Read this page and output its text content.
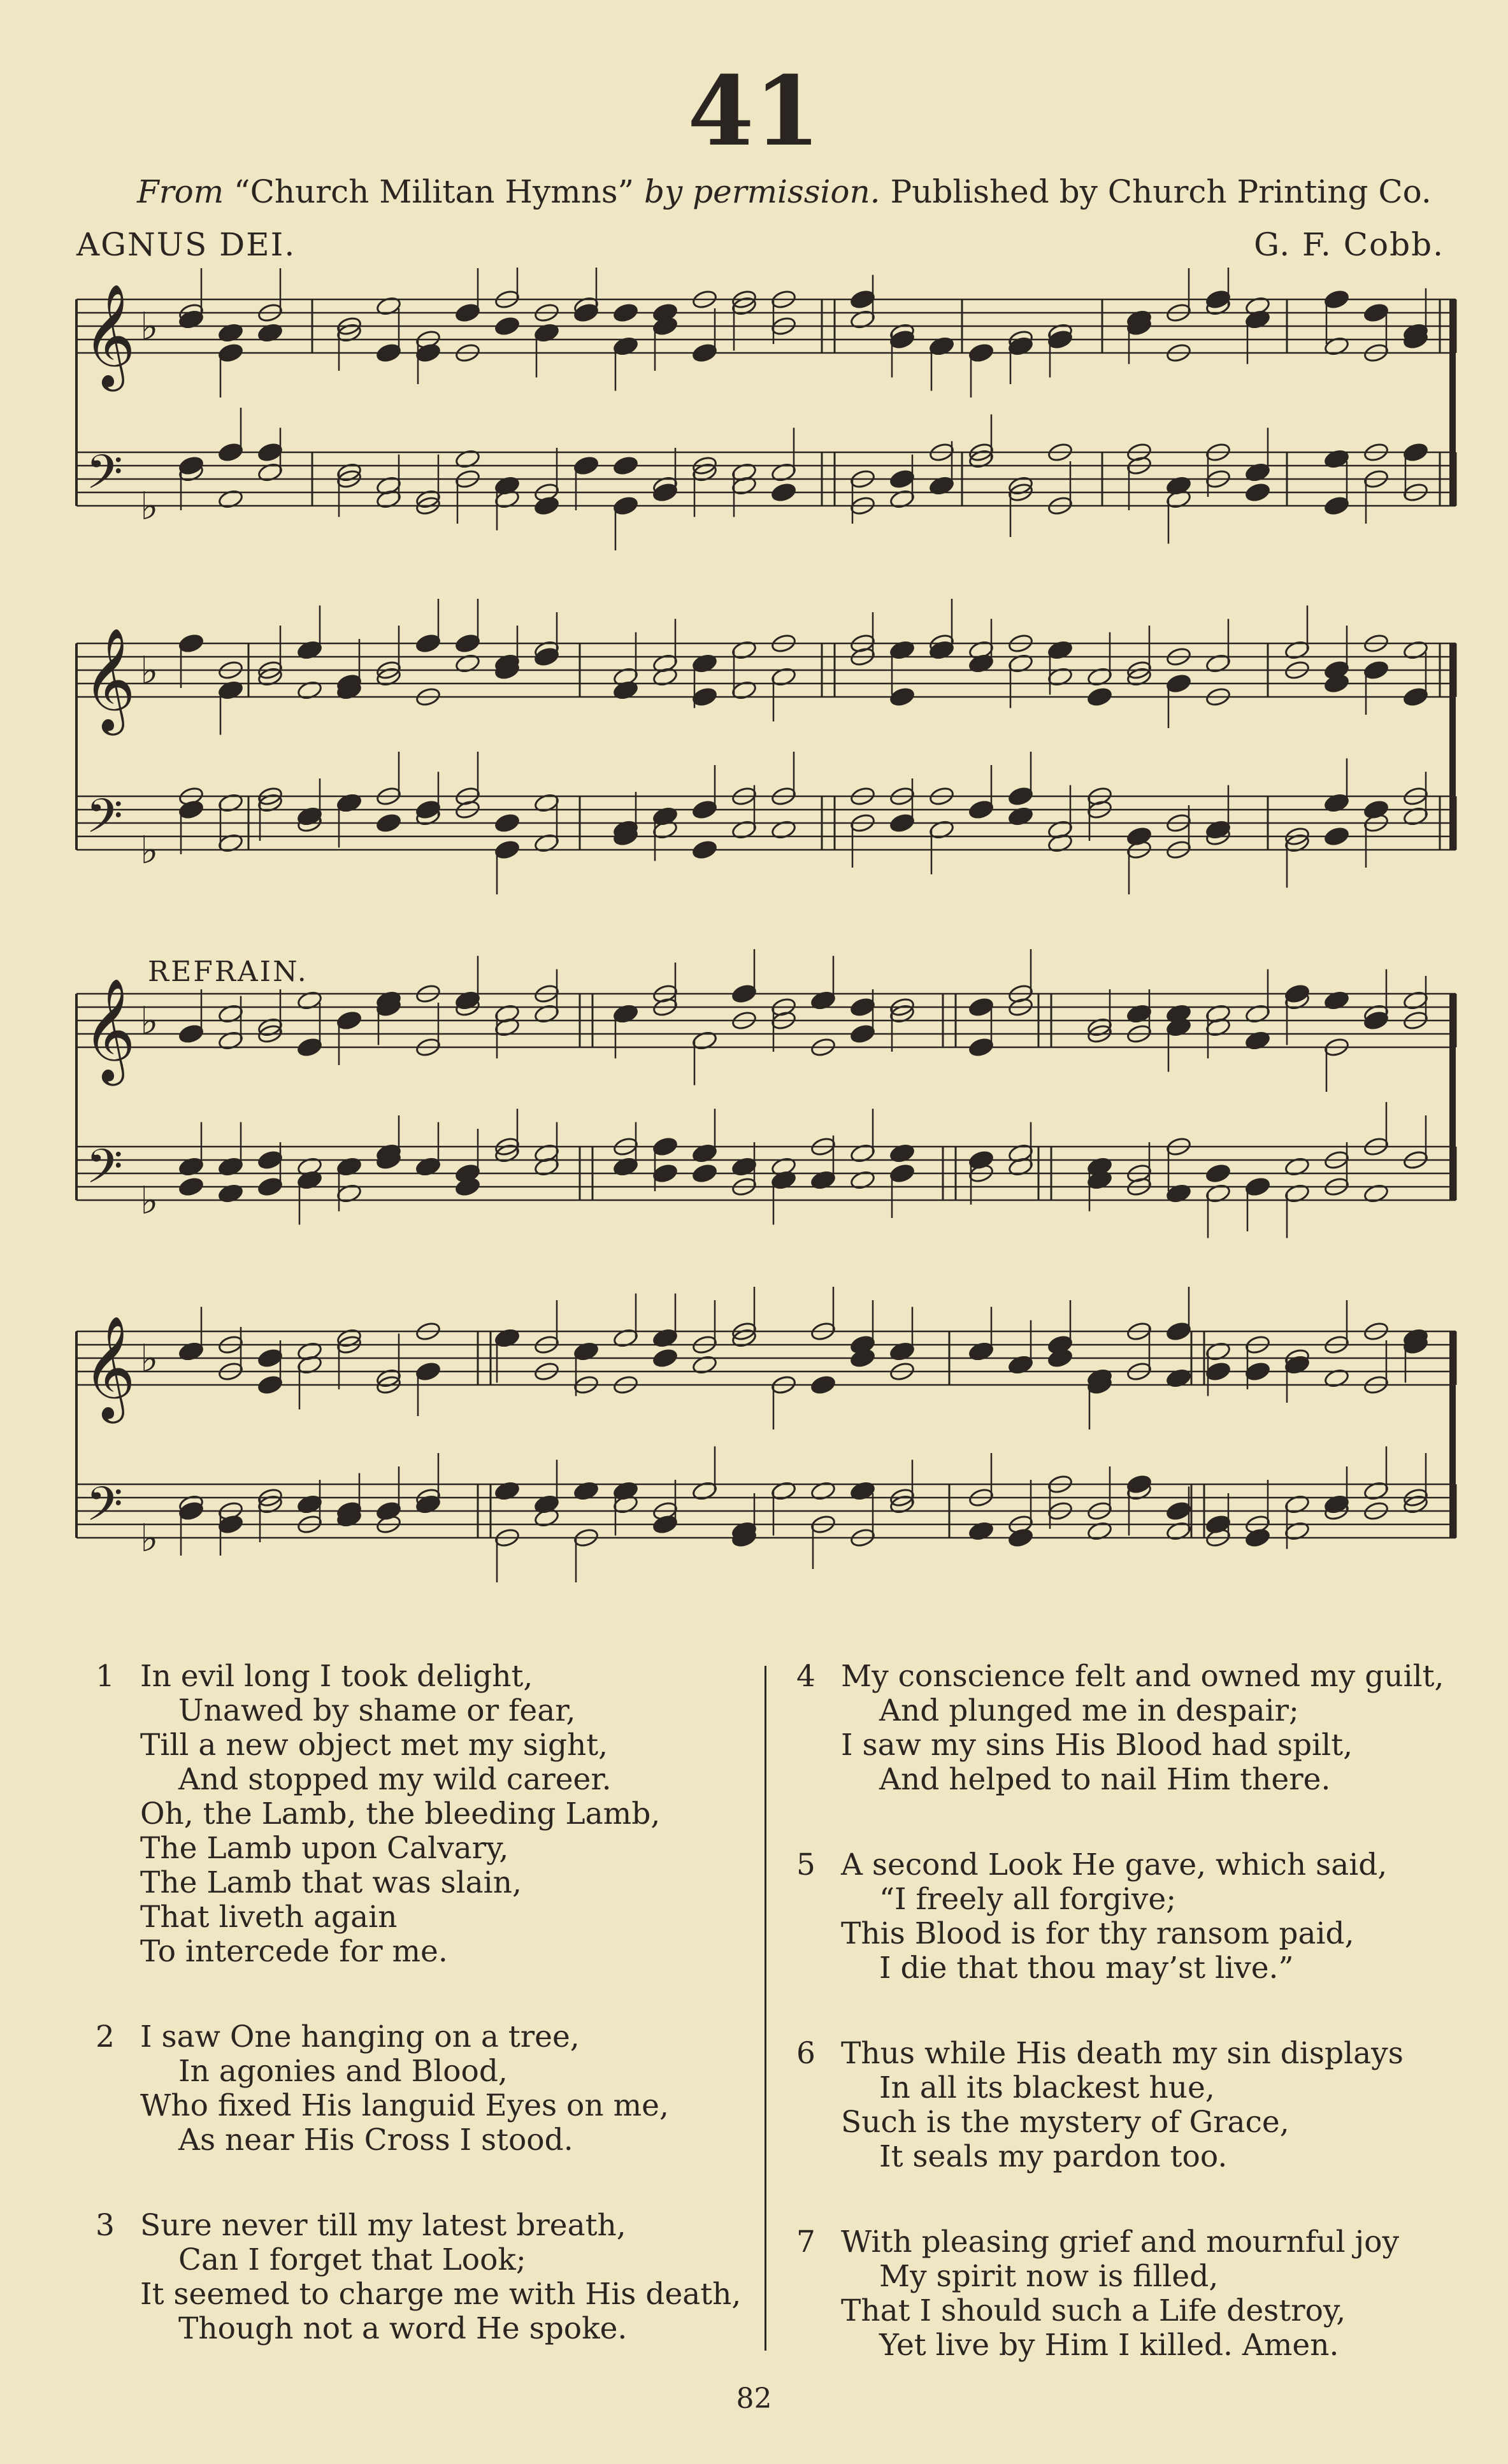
41
From “Church Militan Hymns” by permission. Published by Church Printing Co.
AGNUS DEI.	G. F. Cobb.
𝄞
𝄢
♭
♭
𝄞
𝄢
♭
♭
𝄞
𝄢
♭
♭
𝄞
𝄢
♭
♭
REFRAIN.
1 In evil long I took delight,
Unawed by shame or fear,
Till a new object met my sight,
And stopped my wild career.
Oh, the Lamb, the bleeding Lamb,
The Lamb upon Calvary,
The Lamb that was slain,
That liveth again
To intercede for me.
2 I saw One hanging on a tree,
In agonies and Blood,
Who fixed His languid Eyes on me,
As near His Cross I stood.
3 Sure never till my latest breath,
Can I forget that Look;
It seemed to charge me with His death,
Though not a word He spoke.
4 My conscience felt and owned my guilt,
And plunged me in despair;
I saw my sins His Blood had spilt,
And helped to nail Him there.
5 A second Look He gave, which said,
“I freely all forgive;
This Blood is for thy ransom paid,
I die that thou may’st live.”
6 Thus while His death my sin displays
In all its blackest hue,
Such is the mystery of Grace,
It seals my pardon too.
7 With pleasing grief and mournful joy
My spirit now is filled,
That I should such a Life destroy,
Yet live by Him I killed. Amen.
82
